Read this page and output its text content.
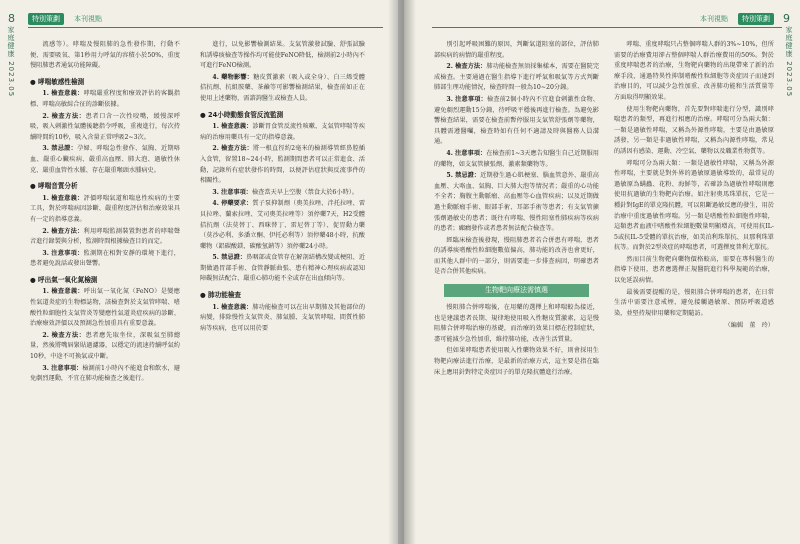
8
家庭健康 2023.05
特別策劃	本刊視點

流感等）。哮喘及慢阻肺的急性發作期，行動不便、需要吸氧、第1秒用力呼氣的容積小於50%，重度慢阻肺患者通氣功能障礙。

● 哮喘敏感性檢測

1. 檢查意義：哮喘嚴重程度和療效評估的客觀指標、哮喘高敏綜合征的診斷依據。

2. 檢查方法：患者口含一次性咬嘴，緩慢深呼吸，吸入刺激性氣體後聽指令呼吸，重複進行，每次持續時間約10秒，吸入含量正常呼吸2~3次。

3. 禁忌證：孕婦、哮喘急性發作、氣胸、近期咯血、嚴重心臟疾病、嚴重高血壓、肺大泡、過敏性休克、嚴重血管性水腫、存在嚴重喉頭水腫病史。

● 哮喘音質分析

1. 檢查意義：評價哮喘氣道和喘息性疾病的主要工具，對於哮喘病因診斷、嚴重程度評估和治療效果具有一定的指導意義。

2. 檢查方法：利用哮喘監測裝置對患者的哮喘聲音進行錄製與分析，監測時間根據檢查目的而定。

3. 注意事項：監測期在相對安靜的環境下進行，患者避免說話或發出聲響。

● 呼出氣一氧化氮檢測

1. 檢查意義：呼出氣一氧化氮（FeNO）是變應性氣道炎症的生物標誌物，該檢查對於支氣管哮喘、嗜酸性粒細胞性支氣管炎等變應性氣道炎症疾病的診斷、治療療效評價以及預測急性加重具有重要意義。

2. 檢查方法：患者應先取坐位，深吸氣至肺總量，然後將嘴唇緊貼過濾器，以穩定的流速持續呼氣約10秒，中途不可換氣或中斷。

3. 注意事項：檢測前1小時內不能進食和飲水，避免劇烈運動，不宜在肺功能檢查之後進行。

進行，以免影響檢測結果。支氣管激發試驗、舒張試驗和誘導痰檢查等操作均可能使FeNO降低，檢測前2小時內不可進行FeNO檢測。

4. 藥物影響：糖皮質激素（吸入或全身）、白三烯受體拮抗劑、抗組胺藥、茶鹼等可影響檢測結果，檢查前如正在使用上述藥物，需諮詢醫生或檢查人員。

● 24小時動態食管反流監測

1. 檢查意義：診斷胃食管反流性咳嗽、支氣管哮喘等疾病的治療用藥具有一定的指導意義。

2. 檢查方法：將一根直徑約2毫米的檢測導管經鼻腔插入食管，留置18~24小時，監測期間患者可以正常進食、活動，記錄所有症狀發作的時間，以便評估症狀與反流事件的相關性。

3. 注意事項：檢查當天早上空腹（禁食大於6小時）。

4. 停藥要求：質子泵抑制劑（奧美拉唑、泮托拉唑、雷貝拉唑、蘭索拉唑、艾司奧美拉唑等）須停藥7天，H2受體拮抗劑（法莫替丁、西咪替丁、雷尼替丁等）、促胃動力藥（莫沙必利、多潘立酮、伊托必利等）須停藥48小時，抗酸藥物（鋁碳酸鎂、碳酸氫鈉等）須停藥24小時。

5. 禁忌證：鼻咽部或食管存在解剖結構改變或梗阻、近期做過胃部手術、食管靜脈曲張、患有精神心理疾病或認知障礙無法配合、嚴重心肺功能不全或存在出血傾向等。

● 肺功能檢查

1. 檢查意義：肺功能檢查可以在出早期肺及其他部位的病變，排除慢性支氣管炎、肺氣腫、支氣管哮喘、間質性肺病等疾病，也可以用於要

9
家庭健康 2023.05
特別策劃
本刊視點

別引起呼吸困難的原因，判斷氣道阻塞的部位，評估肺部疾病的病情的嚴重程度。

2. 檢查方法：肺功能檢查無須採集樣本，需要在醫院完成檢查。主要通過在醫生指導下進行呼氣和吸氣等方式判斷肺部生理功能情況，檢查時間一般為10~20分鐘。

3. 注意事項：檢查前2個小時內不宜進食刺激性食物、避免劇烈運動15分鐘，待呼吸平穩後再進行檢查。為避免影響檢查結果，需要在檢查前暫停服用支氣管舒張劑等藥物，具體需遵醫囑，檢查時如有任何不適請及時與醫務人員溝通。

4. 注意事項：在檢查前1~3天應告知醫生自己近期服用的藥物，如支氣管擴張劑、激素類藥物等。

5. 禁忌證：近期發生過心肌梗塞、腦血管意外、嚴重高血壓、大咯血、氣胸、巨大肺大泡等情況者；嚴重的心功能不全者；胸腹主動脈瘤、高血壓等心血管疾病；以及近期做過主動脈瘤手術、眼部手術、耳部手術等患者；有支氣管擴張劑過敏史的患者；既往有哮喘、慢性阻塞性肺疾病等疾病的患者；癲癇發作或者患者無法配合檢查等。

經臨床檢查後發現，慢阻肺患者若合併患有哮喘，患者的誘導痰嗜酸性粒細胞數值偏高，肺功能的改善也會更好，而其他人群中的一部分，則需要進一步排查病因，明確患者是否合併其他疾病。

生物靶向療法需慎選

慢阻肺合併哮喘後，在用藥的選擇上和哮喘較為接近，也是建議患者長期、規律地使用吸入性糖皮質激素，這是慢阻肺合併哮喘治療的基礎，而治療的效果目標在控制症狀，盡可能減少急性加重，維持肺功能，改善生活質量。

但如果哮喘患者使用吸入性藥物效果不好，則會採用生物靶向療法進行治療，是最新的治療方式，這主要是指在臨床上應用針對特定炎症因子的單克隆抗體進行治療。

哮喘、重度哮喘只占整個哮喘人群的3%~10%，但所需要的治療費用卻占整個哮喘人群治療費用的50%。對於重度哮喘患者的治療，生物靶向藥物的出現帶來了新的治療手段，通過特異性抑制嗜酸性粒細胞等炎症因子而達到治療目的，可以減少急性加重、改善肺功能和生活質量等方面取得明顯效果。

使用生物靶向藥物，首先要對哮喘進行分型，識別哮喘患者的類型，再進行相應的治療。哮喘可分為兩大類：一類是過敏性哮喘，又稱為外源性哮喘，主要是由過敏原誘發，另一類是非過敏性哮喘，又稱為內源性哮喘，常見的誘因有感染、運動、冷空氣、藥物以及職業性物質等。

哮喘可分為兩大類：一類是過敏性哮喘，又稱為外源性哮喘，主要就是對外界的過敏原過敏導致的，最常見的過敏原為螨蟲、花粉、海鮮等，若確診為過敏性哮喘則應使用抗過敏的生物靶向治療。如注射奧馬珠單抗，它是一種針對IgE的單克隆抗體，可以阻斷過敏反應的發生，用於治療中重度過敏性哮喘。另一類是嗜酸性粒細胞性哮喘，這類患者血液中嗜酸性粒細胞數量明顯增高，可使用抗IL-5或抗IL-5受體的單抗治療，如美泊利珠單抗、貝那利珠單抗等。而對於2型炎症的哮喘患者，可選擇度普利尤單抗。

然而目前生物靶向藥物價格較高，需要在專科醫生的指導下使用，患者應選擇正規醫院進行科學規範的治療，以免延誤病情。

最後需要提醒的是，慢阻肺合併哮喘的患者，在日常生活中需要注意戒煙、避免接觸過敏原、預防呼吸道感染，並堅持規律用藥和定期隨訪。

（編輯　董　玲）
